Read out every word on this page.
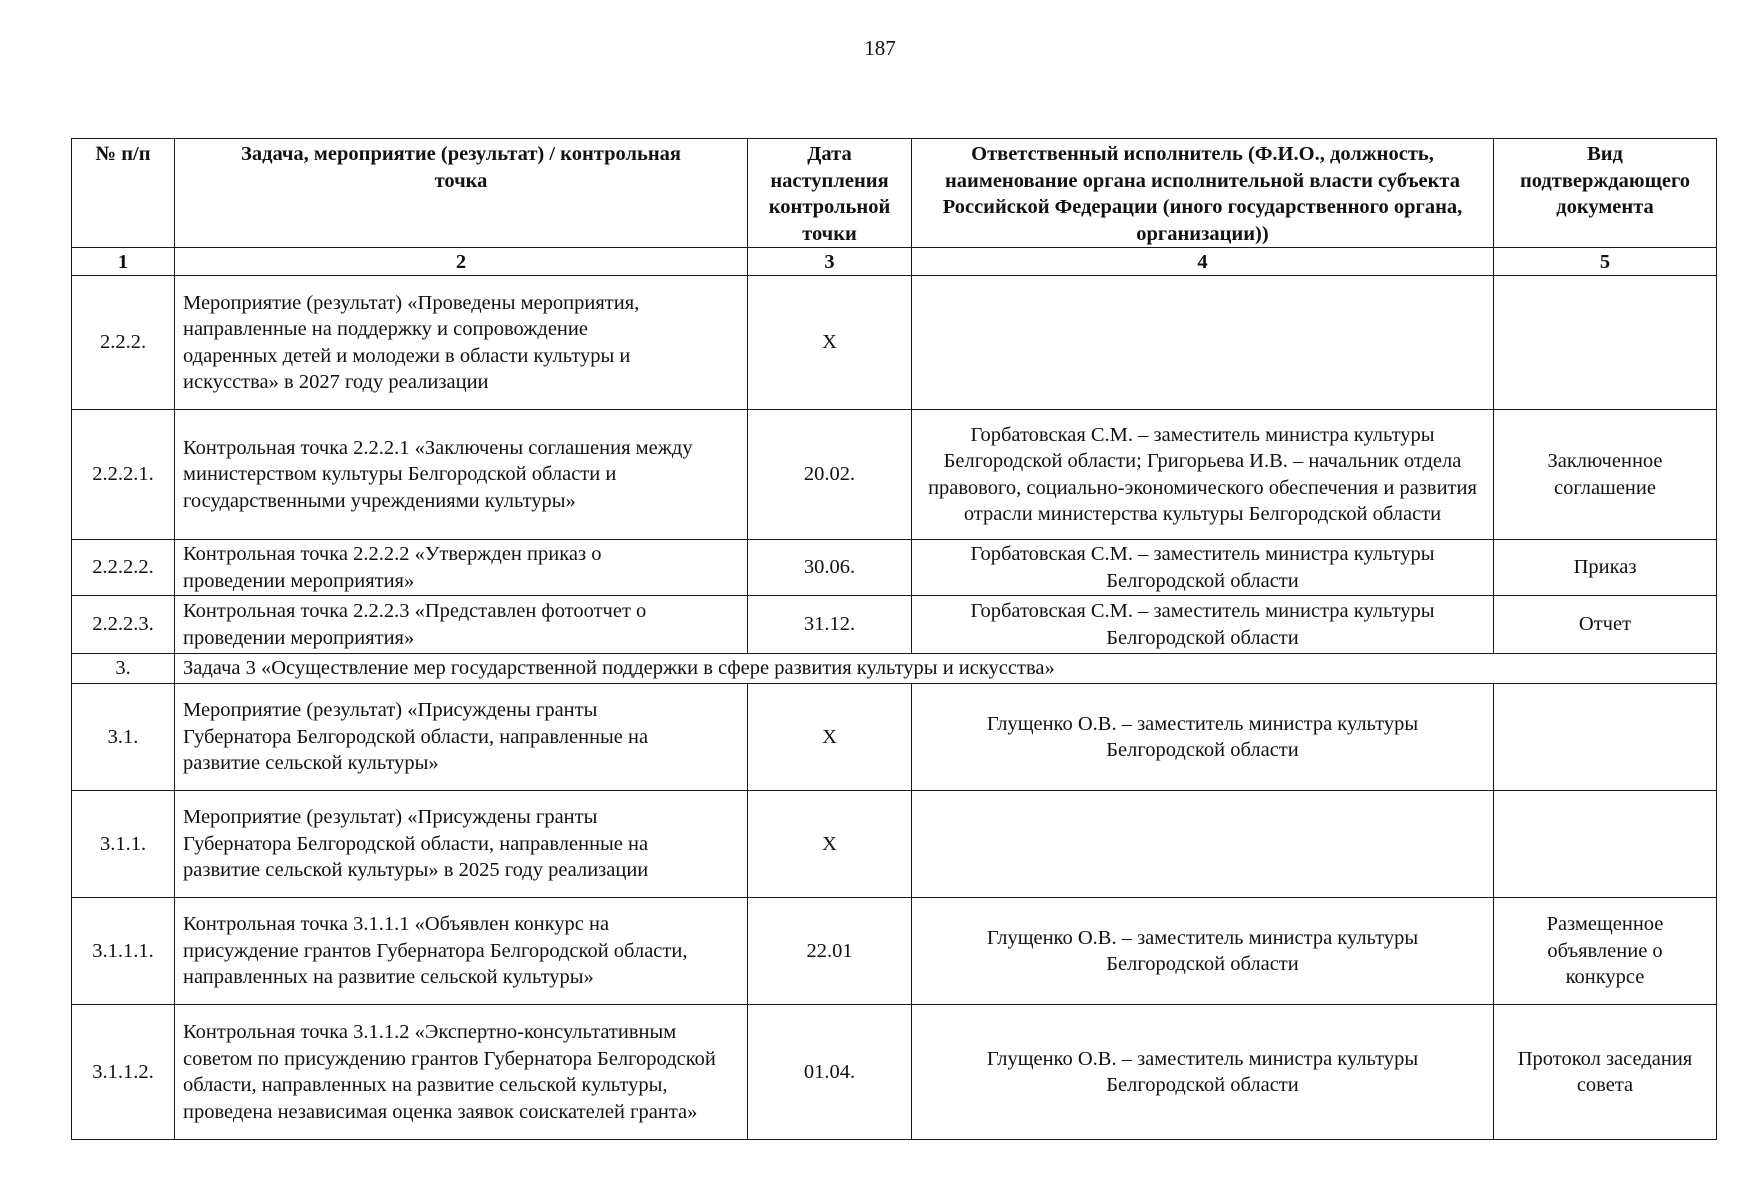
187
№ п/п	Задача, мероприятие (результат) / контрольная точка	Дата наступления контрольной точки	Ответственный исполнитель (Ф.И.О., должность, наименование органа исполнительной власти субъекта Российской Федерации (иного государственного органа, организации))	Вид подтверждающего документа
1	2	3	4	5
2.2.2.	Мероприятие (результат) «Проведены мероприятия, направленные на поддержку и сопровождение одаренных детей и молодежи в области культуры и искусства» в 2027 году реализации	X		
2.2.2.1.	Контрольная точка 2.2.2.1 «Заключены соглашения между министерством культуры Белгородской области и государственными учреждениями культуры»	20.02.	Горбатовская С.М. – заместитель министра культуры Белгородской области; Григорьева И.В. – начальник отдела правового, социально-экономического обеспечения и развития отрасли министерства культуры Белгородской области	Заключенное соглашение
2.2.2.2.	Контрольная точка 2.2.2.2 «Утвержден приказ о проведении мероприятия»	30.06.	Горбатовская С.М. – заместитель министра культуры Белгородской области	Приказ
2.2.2.3.	Контрольная точка 2.2.2.3 «Представлен фотоотчет о проведении мероприятия»	31.12.	Горбатовская С.М. – заместитель министра культуры Белгородской области	Отчет
3.	Задача 3 «Осуществление мер государственной поддержки в сфере развития культуры и искусства»			
3.1.	Мероприятие (результат) «Присуждены гранты Губернатора Белгородской области, направленные на развитие сельской культуры»	X	Глущенко О.В. – заместитель министра культуры Белгородской области	
3.1.1.	Мероприятие (результат) «Присуждены гранты Губернатора Белгородской области, направленные на развитие сельской культуры» в 2025 году реализации	X		
3.1.1.1.	Контрольная точка 3.1.1.1 «Объявлен конкурс на присуждение грантов Губернатора Белгородской области, направленных на развитие сельской культуры»	22.01	Глущенко О.В. – заместитель министра культуры Белгородской области	Размещенное объявление о конкурсе
3.1.1.2.	Контрольная точка 3.1.1.2 «Экспертно-консультативным советом по присуждению грантов Губернатора Белгородской области, направленных на развитие сельской культуры, проведена независимая оценка заявок соискателей гранта»	01.04.	Глущенко О.В. – заместитель министра культуры Белгородской области	Протокол заседания совета
